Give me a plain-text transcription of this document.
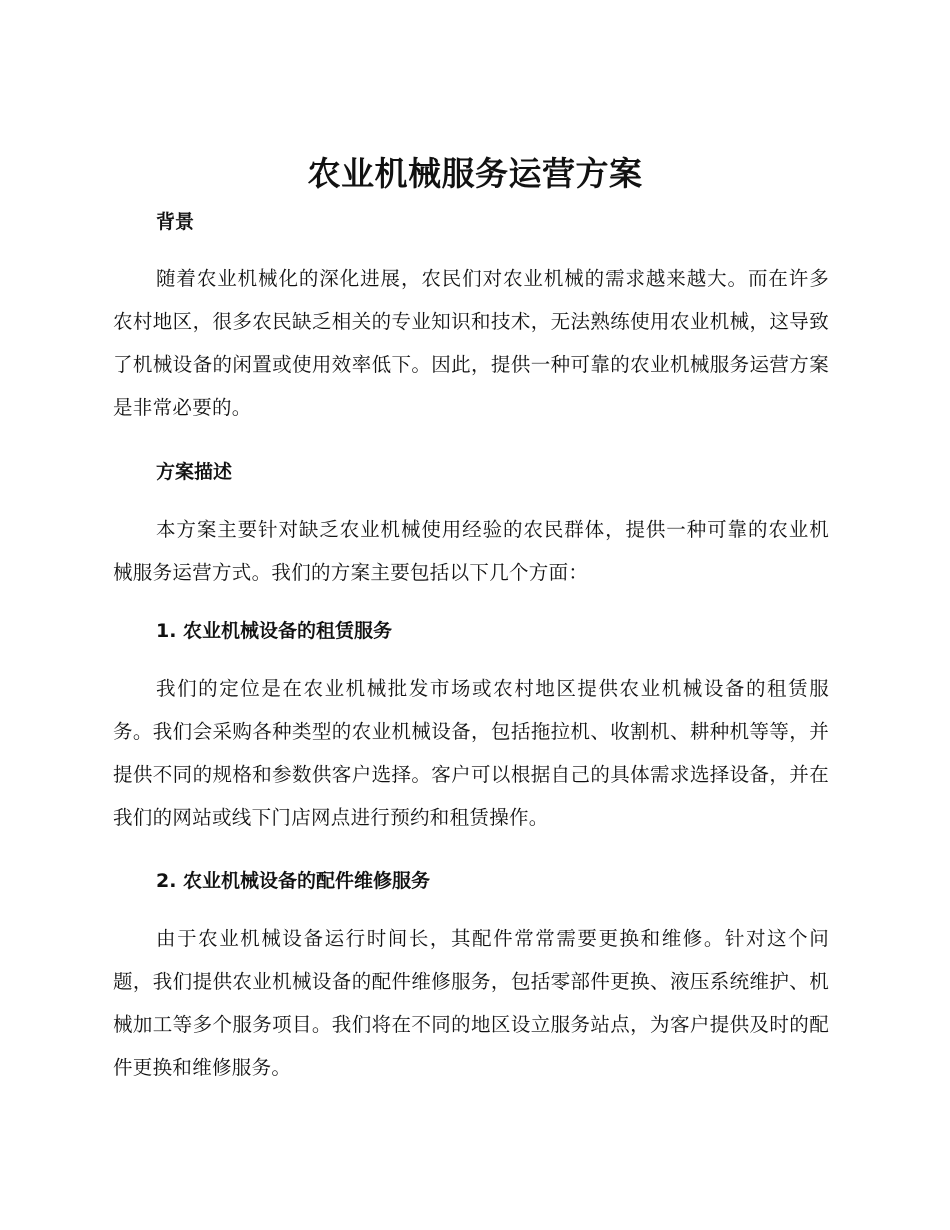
农业机械服务运营方案
背景

随着农业机械化的深化进展，农民们对农业机械的需求越来越大。而在许多农村地区，很多农民缺乏相关的专业知识和技术，无法熟练使用农业机械，这导致了机械设备的闲置或使用效率低下。因此，提供一种可靠的农业机械服务运营方案是非常必要的。

方案描述

本方案主要针对缺乏农业机械使用经验的农民群体，提供一种可靠的农业机械服务运营方式。我们的方案主要包括以下几个方面：

1. 农业机械设备的租赁服务

我们的定位是在农业机械批发市场或农村地区提供农业机械设备的租赁服务。我们会采购各种类型的农业机械设备，包括拖拉机、收割机、耕种机等等，并提供不同的规格和参数供客户选择。客户可以根据自己的具体需求选择设备，并在我们的网站或线下门店网点进行预约和租赁操作。

2. 农业机械设备的配件维修服务

由于农业机械设备运行时间长，其配件常常需要更换和维修。针对这个问题，我们提供农业机械设备的配件维修服务，包括零部件更换、液压系统维护、机械加工等多个服务项目。我们将在不同的地区设立服务站点，为客户提供及时的配件更换和维修服务。
